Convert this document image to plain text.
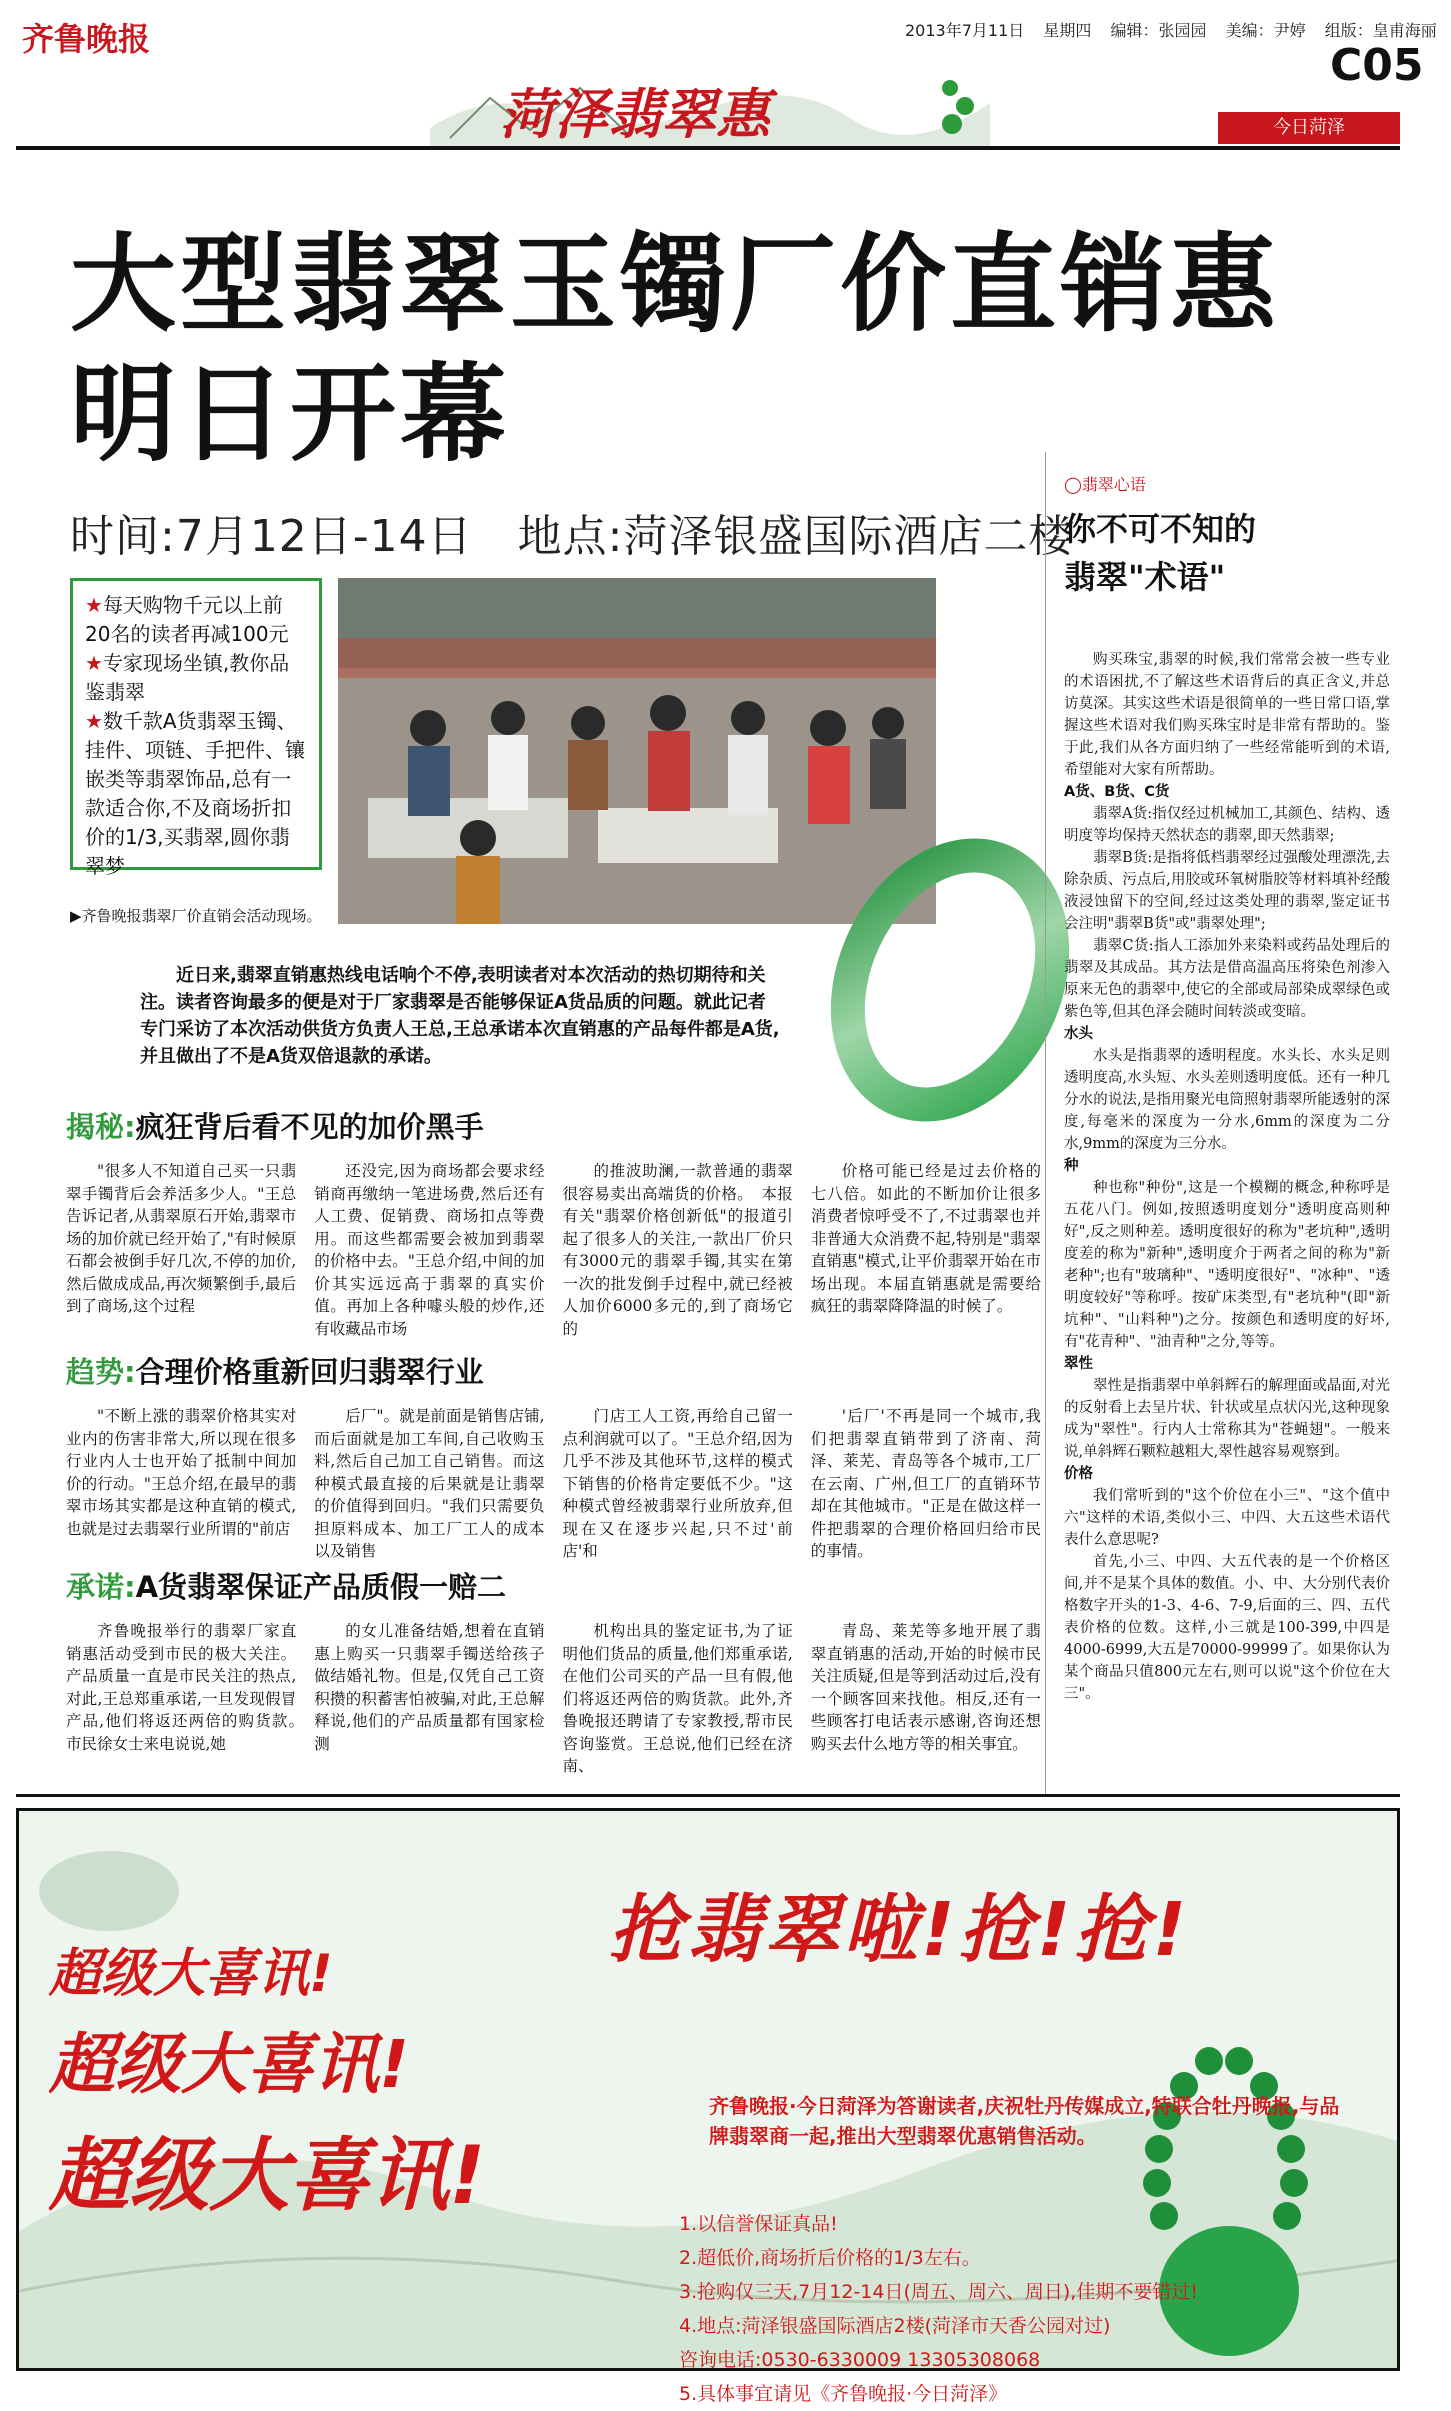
齐鲁晚报	2013年7月11日 星期四 编辑：张园园 美编：尹婷 组版：皇甫海丽
C05
菏泽翡翠惠	今日菏泽
大型翡翠玉镯厂价直销惠
明日开幕
时间:7月12日-14日　地点:菏泽银盛国际酒店二楼
★每天购物千元以上前20名的读者再减100元
★专家现场坐镇,教你品鉴翡翠
★数千款A货翡翠玉镯、挂件、项链、手把件、镶嵌类等翡翠饰品,总有一款适合你,不及商场折扣价的1/3,买翡翠,圆你翡翠梦
▶齐鲁晚报翡翠厂价直销会活动现场。
近日来,翡翠直销惠热线电话响个不停,表明读者对本次活动的热切期待和关注。读者咨询最多的便是对于厂家翡翠是否能够保证A货品质的问题。就此记者专门采访了本次活动供货方负责人王总,王总承诺本次直销惠的产品每件都是A货,并且做出了不是A货双倍退款的承诺。
揭秘:疯狂背后看不见的加价黑手

"很多人不知道自己买一只翡翠手镯背后会养活多少人。"王总告诉记者,从翡翠原石开始,翡翠市场的加价就已经开始了,"有时候原石都会被倒手好几次,不停的加价,然后做成成品,再次频繁倒手,最后到了商场,这个过程

还没完,因为商场都会要求经销商再缴纳一笔进场费,然后还有人工费、促销费、商场扣点等费用。而这些都需要会被加到翡翠的价格中去。"王总介绍,中间的加价其实远远高于翡翠的真实价值。再加上各种噱头般的炒作,还有收藏品市场

的推波助澜,一款普通的翡翠很容易卖出高端货的价格。　本报有关"翡翠价格创新低"的报道引起了很多人的关注,一款出厂价只有3000元的翡翠手镯,其实在第一次的批发倒手过程中,就已经被人加价6000多元的,到了商场它的

价格可能已经是过去价格的七八倍。如此的不断加价让很多消费者惊呼受不了,不过翡翠也并非普通大众消费不起,特别是"翡翠直销惠"模式,让平价翡翠开始在市场出现。本届直销惠就是需要给疯狂的翡翠降降温的时候了。

趋势:合理价格重新回归翡翠行业

"不断上涨的翡翠价格其实对业内的伤害非常大,所以现在很多行业内人士也开始了抵制中间加价的行动。"王总介绍,在最早的翡翠市场其实都是这种直销的模式,也就是过去翡翠行业所谓的"前店

后厂"。就是前面是销售店铺,而后面就是加工车间,自己收购玉料,然后自己加工自己销售。而这种模式最直接的后果就是让翡翠的价值得到回归。"我们只需要负担原料成本、加工厂工人的成本以及销售

门店工人工资,再给自己留一点利润就可以了。"王总介绍,因为几乎不涉及其他环节,这样的模式下销售的价格肯定要低不少。"这种模式曾经被翡翠行业所放弃,但现在又在逐步兴起,只不过'前店'和

'后厂'不再是同一个城市,我们把翡翠直销带到了济南、菏泽、莱芜、青岛等各个城市,工厂在云南、广州,但工厂的直销环节却在其他城市。"正是在做这样一件把翡翠的合理价格回归给市民的事情。

承诺:A货翡翠保证产品质假一赔二

齐鲁晚报举行的翡翠厂家直销惠活动受到市民的极大关注。产品质量一直是市民关注的热点,对此,王总郑重承诺,一旦发现假冒产品,他们将返还两倍的购货款。　市民徐女士来电说说,她

的女儿准备结婚,想着在直销惠上购买一只翡翠手镯送给孩子做结婚礼物。但是,仅凭自己工资积攒的积蓄害怕被骗,对此,王总解释说,他们的产品质量都有国家检测

机构出具的鉴定证书,为了证明他们货品的质量,他们郑重承诺,在他们公司买的产品一旦有假,他们将返还两倍的购货款。此外,齐鲁晚报还聘请了专家教授,帮市民咨询鉴赏。王总说,他们已经在济南、

青岛、莱芜等多地开展了翡翠直销惠的活动,开始的时候市民关注质疑,但是等到活动过后,没有一个顾客回来找他。相反,还有一些顾客打电话表示感谢,咨询还想购买去什么地方等的相关事宜。

◯翡翠心语
你不可不知的
翡翠"术语"

购买珠宝,翡翠的时候,我们常常会被一些专业的术语困扰,不了解这些术语背后的真正含义,并总访莫深。其实这些术语是很简单的一些日常口语,掌握这些术语对我们购买珠宝时是非常有帮助的。鉴于此,我们从各方面归纳了一些经常能听到的术语,希望能对大家有所帮助。

A货、B货、C货

翡翠A货:指仅经过机械加工,其颜色、结构、透明度等均保持天然状态的翡翠,即天然翡翠;

翡翠B货:是指将低档翡翠经过强酸处理漂洗,去除杂质、污点后,用胶或环氧树脂胶等材料填补经酸液浸蚀留下的空间,经过这类处理的翡翠,鉴定证书会注明"翡翠B货"或"翡翠处理";

翡翠C货:指人工添加外来染料或药品处理后的翡翠及其成品。其方法是借高温高压将染色剂渗入原来无色的翡翠中,使它的全部或局部染成翠绿色或紫色等,但其色泽会随时间转淡或变暗。

水头

水头是指翡翠的透明程度。水头长、水头足则透明度高,水头短、水头差则透明度低。还有一种几分水的说法,是指用聚光电筒照射翡翠所能透射的深度,每毫米的深度为一分水,6mm的深度为二分水,9mm的深度为三分水。

种

种也称"种份",这是一个模糊的概念,种称呼是五花八门。例如,按照透明度划分"透明度高则种好",反之则种差。透明度很好的称为"老坑种",透明度差的称为"新种",透明度介于两者之间的称为"新老种";也有"玻璃种"、"透明度很好"、"冰种"、"透明度较好"等称呼。按矿床类型,有"老坑种"(即"新坑种"、"山料种")之分。按颜色和透明度的好坏,有"花青种"、"油青种"之分,等等。

翠性

翠性是指翡翠中单斜辉石的解理面或晶面,对光的反射看上去呈片状、针状或星点状闪光,这种现象成为"翠性"。行内人士常称其为"苍蝇翅"。一般来说,单斜辉石颗粒越粗大,翠性越容易观察到。

价格

我们常听到的"这个价位在小三"、"这个值中六"这样的术语,类似小三、中四、大五这些术语代表什么意思呢?

首先,小三、中四、大五代表的是一个价格区间,并不是某个具体的数值。小、中、大分别代表价格数字开头的1-3、4-6、7-9,后面的三、四、五代表价格的位数。这样,小三就是100-399,中四是4000-6999,大五是70000-99999了。如果你认为某个商品只值800元左右,则可以说"这个价位在大三"。

抢翡翠啦!抢!抢!
超级大喜讯!
超级大喜讯!
超级大喜讯!
齐鲁晚报·今日菏泽为答谢读者,庆祝牡丹传媒成立,特联合牡丹晚报,与品牌翡翠商一起,推出大型翡翠优惠销售活动。
1.以信誉保证真品!
2.超低价,商场折后价格的1/3左右。
3.抢购仅三天,7月12-14日(周五、周六、周日),佳期不要错过!
4.地点:菏泽银盛国际酒店2楼(菏泽市天香公园对过)
咨询电话:0530-6330009 13305308068
5.具体事宜请见《齐鲁晚报·今日菏泽》
